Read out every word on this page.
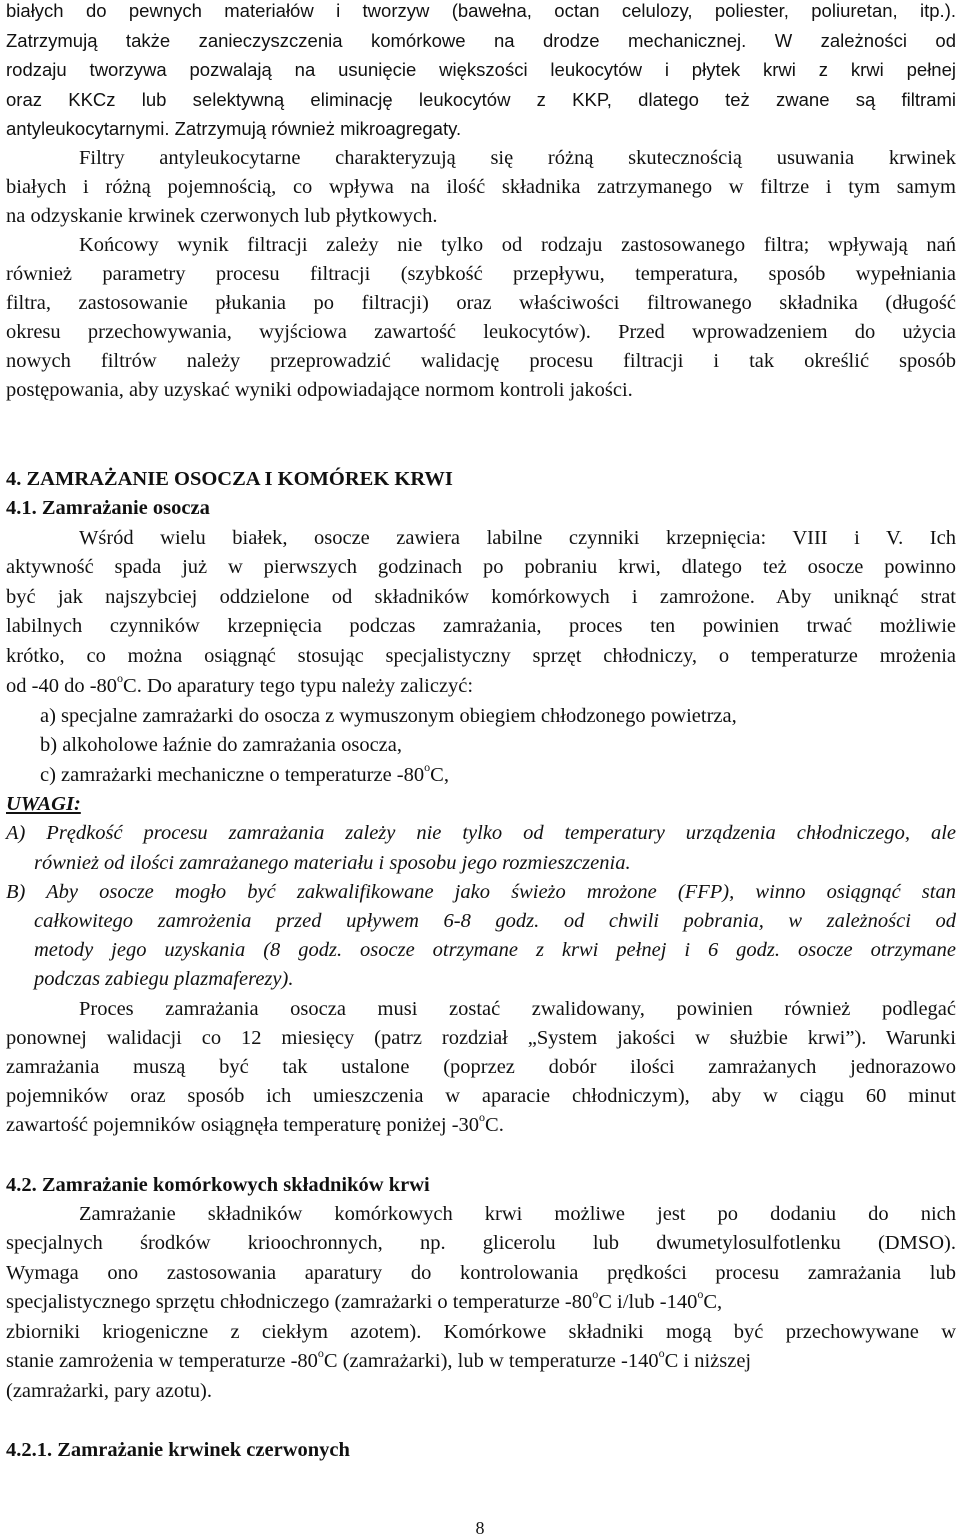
białych do pewnych materiałów i tworzyw (bawełna, octan celulozy, poliester, poliuretan, itp.).
Zatrzymują także zanieczyszczenia komórkowe na drodze mechanicznej. W zależności od
rodzaju tworzywa pozwalają na usunięcie większości leukocytów i płytek krwi z krwi pełnej
oraz KKCz lub selektywną eliminację leukocytów z KKP, dlatego też zwane są filtrami
antyleukocytarnymi. Zatrzymują również mikroagregaty.
Filtry antyleukocytarne charakteryzują się różną skutecznością usuwania krwinek
białych i różną pojemnością, co wpływa na ilość składnika zatrzymanego w filtrze i tym samym
na odzyskanie krwinek czerwonych lub płytkowych.
Końcowy wynik filtracji zależy nie tylko od rodzaju zastosowanego filtra; wpływają nań
również parametry procesu filtracji (szybkość przepływu, temperatura, sposób wypełniania
filtra, zastosowanie płukania po filtracji) oraz właściwości filtrowanego składnika (długość
okresu przechowywania, wyjściowa zawartość leukocytów). Przed wprowadzeniem do użycia
nowych filtrów należy przeprowadzić walidację procesu filtracji i tak określić sposób
postępowania, aby uzyskać wyniki odpowiadające normom kontroli jakości.
4. ZAMRAŻANIE OSOCZA I KOMÓREK KRWI
4.1. Zamrażanie osocza
Wśród wielu białek, osocze zawiera labilne czynniki krzepnięcia: VIII i V. Ich
aktywność spada już w pierwszych godzinach po pobraniu krwi, dlatego też osocze powinno
być jak najszybciej oddzielone od składników komórkowych i zamrożone. Aby uniknąć strat
labilnych czynników krzepnięcia podczas zamrażania, proces ten powinien trwać możliwie
krótko, co można osiągnąć stosując specjalistyczny sprzęt chłodniczy, o temperaturze mrożenia
od -40 do -80$^o$C. Do aparatury tego typu należy zaliczyć:
a) specjalne zamrażarki do osocza z wymuszonym obiegiem chłodzonego powietrza,
b) alkoholowe łaźnie do zamrażania osocza,
c) zamrażarki mechaniczne o temperaturze -80$^o$C,
UWAGI:
A) Prędkość procesu zamrażania zależy nie tylko od temperatury urządzenia chłodniczego, ale
również od ilości zamrażanego materiału i sposobu jego rozmieszczenia.
B) Aby osocze mogło być zakwalifikowane jako świeżo mrożone (FFP), winno osiągnąć stan
całkowitego zamrożenia przed upływem 6-8 godz. od chwili pobrania, w zależności od
metody jego uzyskania (8 godz. osocze otrzymane z krwi pełnej i 6 godz. osocze otrzymane
podczas zabiegu plazmaferezy).
Proces zamrażania osocza musi zostać zwalidowany, powinien również podlegać
ponownej walidacji co 12 miesięcy (patrz rozdział „System jakości w służbie krwi”). Warunki
zamrażania muszą być tak ustalone (poprzez dobór ilości zamrażanych jednorazowo
pojemników oraz sposób ich umieszczenia w aparacie chłodniczym), aby w ciągu 60 minut
zawartość pojemników osiągnęła temperaturę poniżej -30$^o$C.
4.2. Zamrażanie komórkowych składników krwi
Zamrażanie składników komórkowych krwi możliwe jest po dodaniu do nich
specjalnych środków krioochronnych, np. glicerolu lub dwumetylosulfotlenku (DMSO).
Wymaga ono zastosowania aparatury do kontrolowania prędkości procesu zamrażania lub
specjalistycznego sprzętu chłodniczego (zamrażarki o temperaturze -80$^o$C i/lub -140$^o$C,
zbiorniki kriogeniczne z ciekłym azotem). Komórkowe składniki mogą być przechowywane w
stanie zamrożenia w temperaturze -80$^o$C (zamrażarki), lub w temperaturze -140$^o$C i niższej
(zamrażarki, pary azotu).
4.2.1. Zamrażanie krwinek czerwonych
8
